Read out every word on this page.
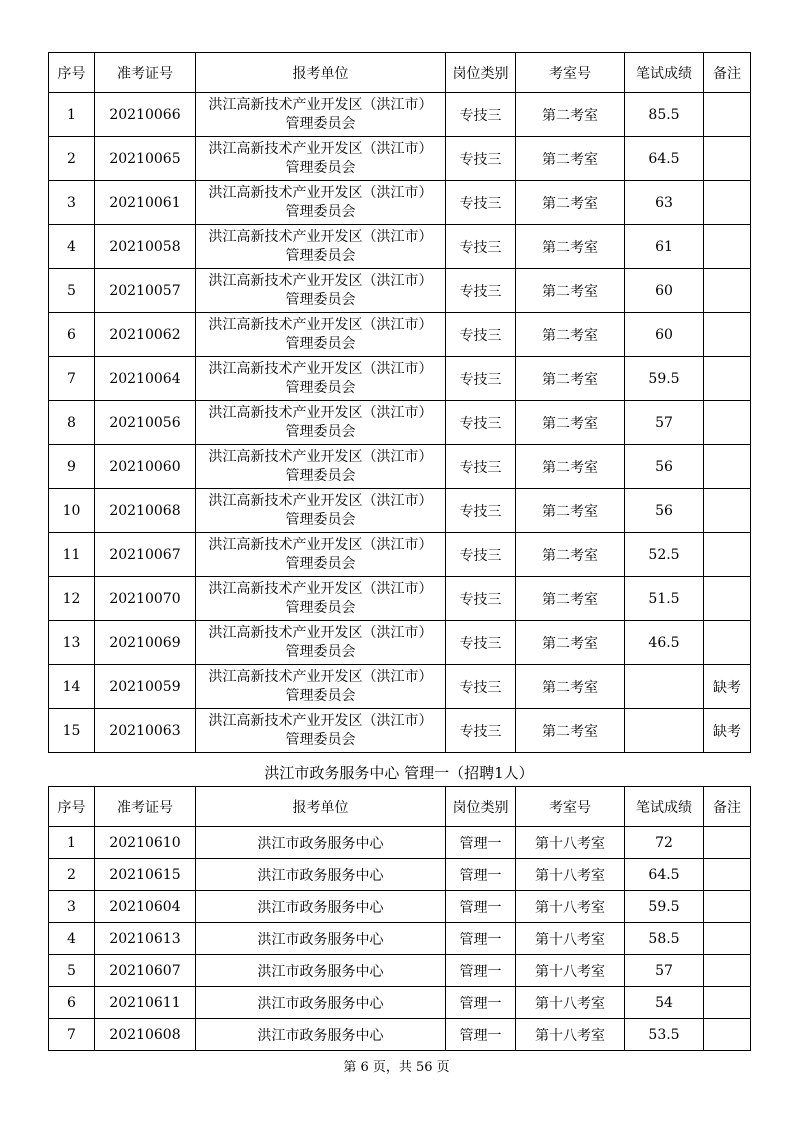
序号	准考证号	报考单位	岗位类别	考室号	笔试成绩	备注
1	20210066	洪江高新技术产业开发区（洪江市）管理委员会	专技三	第二考室	85.5	
2	20210065	洪江高新技术产业开发区（洪江市）管理委员会	专技三	第二考室	64.5	
3	20210061	洪江高新技术产业开发区（洪江市）管理委员会	专技三	第二考室	63	
4	20210058	洪江高新技术产业开发区（洪江市）管理委员会	专技三	第二考室	61	
5	20210057	洪江高新技术产业开发区（洪江市）管理委员会	专技三	第二考室	60	
6	20210062	洪江高新技术产业开发区（洪江市）管理委员会	专技三	第二考室	60	
7	20210064	洪江高新技术产业开发区（洪江市）管理委员会	专技三	第二考室	59.5	
8	20210056	洪江高新技术产业开发区（洪江市）管理委员会	专技三	第二考室	57	
9	20210060	洪江高新技术产业开发区（洪江市）管理委员会	专技三	第二考室	56	
10	20210068	洪江高新技术产业开发区（洪江市）管理委员会	专技三	第二考室	56	
11	20210067	洪江高新技术产业开发区（洪江市）管理委员会	专技三	第二考室	52.5	
12	20210070	洪江高新技术产业开发区（洪江市）管理委员会	专技三	第二考室	51.5	
13	20210069	洪江高新技术产业开发区（洪江市）管理委员会	专技三	第二考室	46.5	
14	20210059	洪江高新技术产业开发区（洪江市）管理委员会	专技三	第二考室		缺考
15	20210063	洪江高新技术产业开发区（洪江市）管理委员会	专技三	第二考室		缺考
洪江市政务服务中心 管理一（招聘1人）
序号	准考证号	报考单位	岗位类别	考室号	笔试成绩	备注
1	20210610	洪江市政务服务中心	管理一	第十八考室	72	
2	20210615	洪江市政务服务中心	管理一	第十八考室	64.5	
3	20210604	洪江市政务服务中心	管理一	第十八考室	59.5	
4	20210613	洪江市政务服务中心	管理一	第十八考室	58.5	
5	20210607	洪江市政务服务中心	管理一	第十八考室	57	
6	20210611	洪江市政务服务中心	管理一	第十八考室	54	
7	20210608	洪江市政务服务中心	管理一	第十八考室	53.5	
第 6 页，共 56 页
